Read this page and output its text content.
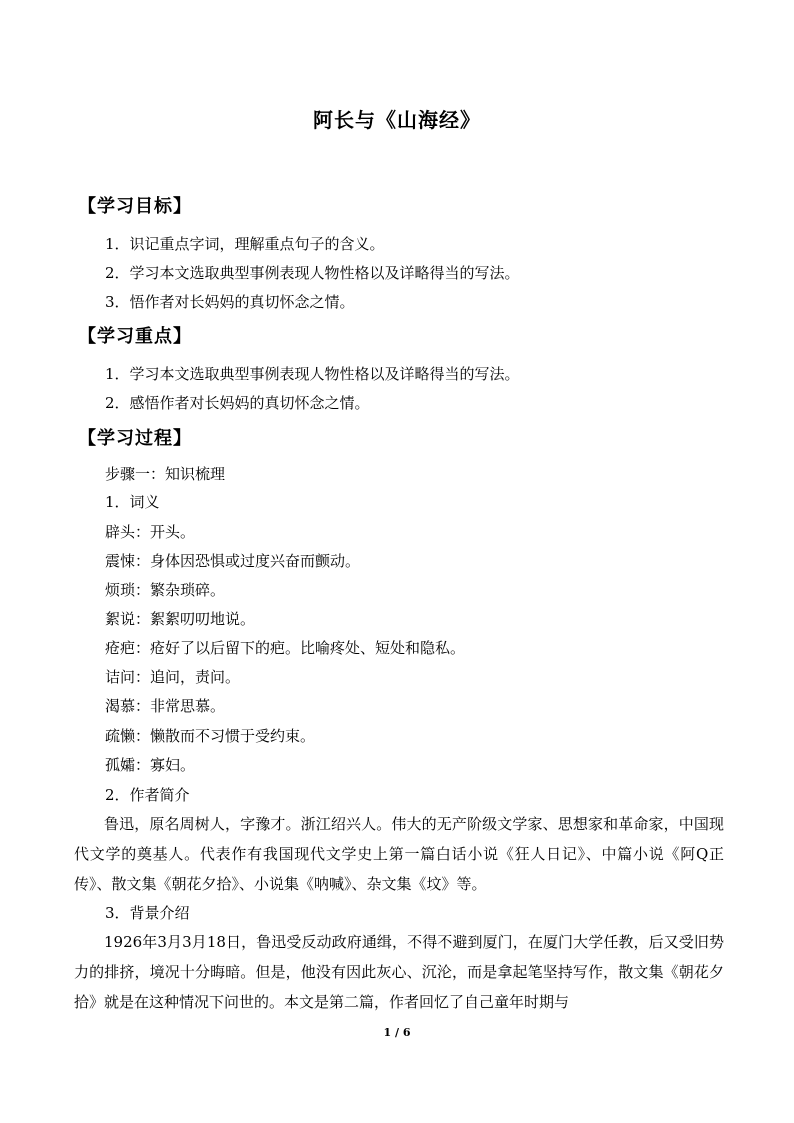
阿长与《山海经》
【学习目标】
1．识记重点字词，理解重点句子的含义。
2．学习本文选取典型事例表现人物性格以及详略得当的写法。
3．悟作者对长妈妈的真切怀念之情。
【学习重点】
1．学习本文选取典型事例表现人物性格以及详略得当的写法。
2．感悟作者对长妈妈的真切怀念之情。
【学习过程】
步骤一：知识梳理
1．词义
辟头：开头。
震悚：身体因恐惧或过度兴奋而颤动。
烦琐：繁杂琐碎。
絮说：絮絮叨叨地说。
疮疤：疮好了以后留下的疤。比喻疼处、短处和隐私。
诘问：追问，责问。
渴慕：非常思慕。
疏懒：懒散而不习惯于受约束。
孤孀：寡妇。
2．作者简介
鲁迅，原名周树人，字豫才。浙江绍兴人。伟大的无产阶级文学家、思想家和革命家，中国现代文学的奠基人。代表作有我国现代文学史上第一篇白话小说《狂人日记》、中篇小说《阿Q正传》、散文集《朝花夕拾》、小说集《呐喊》、杂文集《坟》等。
3．背景介绍
1926年3月3月18日，鲁迅受反动政府通缉，不得不避到厦门，在厦门大学任教，后又受旧势力的排挤，境况十分晦暗。但是，他没有因此灰心、沉沦，而是拿起笔坚持写作，散文集《朝花夕拾》就是在这种情况下问世的。本文是第二篇，作者回忆了自己童年时期与
1 / 6
